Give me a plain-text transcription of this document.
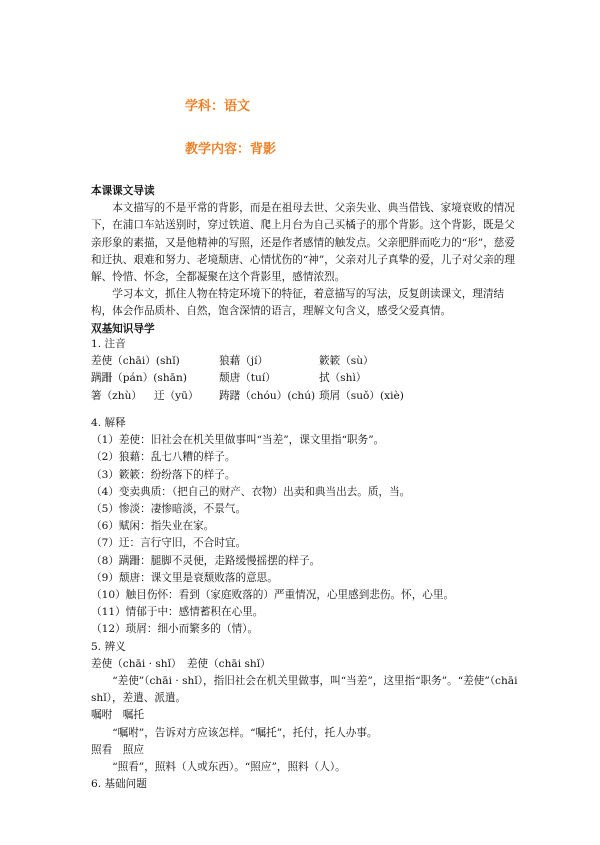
学科：语文
教学内容：背影

本课课文导读

本文描写的不是平常的背影，而是在祖母去世、父亲失业、典当借钱、家境衰败的情况下，在浦口车站送别时，穿过铁道、爬上月台为自己买橘子的那个背影。这个背影，既是父亲形象的素描，又是他精神的写照，还是作者感情的触发点。父亲肥胖而吃力的“形”，慈爱和迂执、艰难和努力、老境颓唐、心情忧伤的“神”，父亲对儿子真挚的爱，儿子对父亲的理解、怜惜、怀念，全都凝聚在这个背影里，感情浓烈。

学习本文，抓住人物在特定环境下的特征，着意描写的写法，反复朗读课文，理清结构，体会作品质朴、自然，饱含深情的语言，理解文句含义，感受父爱真情。

双基知识导学

1. 注音

差使（chāi）(shǐ)	狼藉（jí）	簌簌（sù）
蹒跚（pán）(shān)	颓唐（tuí）	拭（shì）
箸（zhù）	迂（yū）	踌躇（chóu）(chú) 琐屑（suǒ）(xiè)

4. 解释

（1）差使：旧社会在机关里做事叫“当差”，课文里指“职务”。

（2）狼藉：乱七八糟的样子。

（3）簌簌：纷纷落下的样子。

（4）变卖典质：（把自己的财产、衣物）出卖和典当出去。质，当。

（5）惨淡：凄惨暗淡，不景气。

（6）赋闲：指失业在家。

（7）迂：言行守旧，不合时宜。

（8）蹒跚：腿脚不灵便，走路缓慢摇摆的样子。

（9）颓唐：课文里是衰颓败落的意思。

（10）触目伤怀：看到（家庭败落的）严重情况，心里感到悲伤。怀，心里。

（11）情郁于中：感情蓄积在心里。

（12）琐屑：细小而繁多的（情）。

5. 辨义

差使（chāi · shǐ）　差使（chāi shǐ）

“差使”（chāi · shǐ），指旧社会在机关里做事，叫“当差”，这里指“职务”。“差使”（chāi shǐ），差遣、派遣。

嘱咐　嘱托

“嘱咐”，告诉对方应该怎样。“嘱托”，托付，托人办事。

照看　照应

“照看”，照料（人或东西）。“照应”，照料（人）。

6. 基础问题
